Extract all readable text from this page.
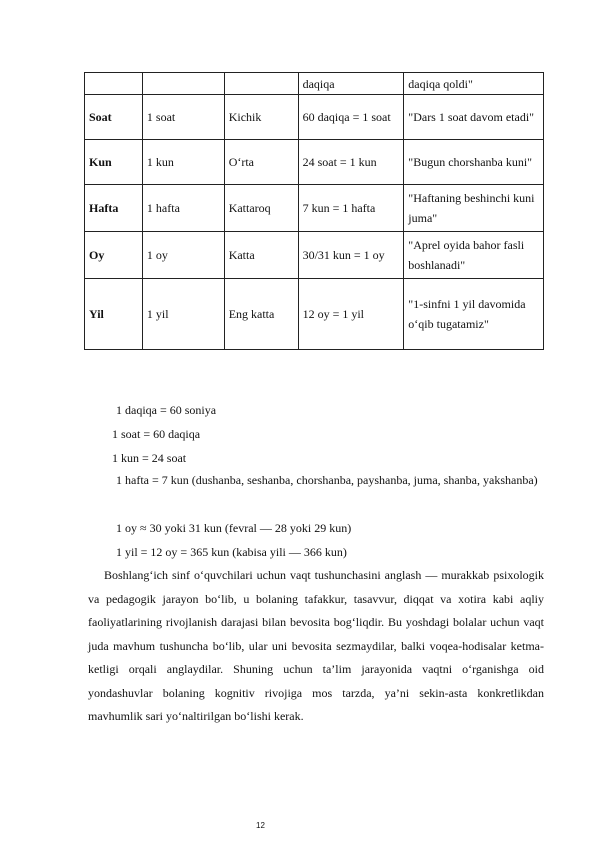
			daqiqa	daqiqa qoldi"
Soat	1 soat	Kichik	60 daqiqa = 1 soat	"Dars 1 soat davom etadi"
Kun	1 kun	O‘rta	24 soat = 1 kun	"Bugun chorshanba kuni"
Hafta	1 hafta	Kattaroq	7 kun = 1 hafta	"Haftaning beshinchi kuni juma"
Oy	1 oy	Katta	30/31 kun = 1 oy	"Aprel oyida bahor fasli boshlanadi"
Yil	1 yil	Eng katta	12 oy = 1 yil	"1-sinfni 1 yil davomida o‘qib tugatamiz"
1 daqiqa = 60 soniya
1 soat = 60 daqiqa
1 kun = 24 soat
1 hafta = 7 kun (dushanba, seshanba, chorshanba, payshanba, juma, shanba, yakshanba)
1 oy ≈ 30 yoki 31 kun (fevral — 28 yoki 29 kun)
1 yil = 12 oy = 365 kun (kabisa yili — 366 kun)
Boshlang‘ich sinf o‘quvchilari uchun vaqt tushunchasini anglash — murakkab psixologik va pedagogik jarayon bo‘lib, u bolaning tafakkur, tasavvur, diqqat va xotira kabi aqliy faoliyatlarining rivojlanish darajasi bilan bevosita bog‘liqdir. Bu yoshdagi bolalar uchun vaqt juda mavhum tushuncha bo‘lib, ular uni bevosita sezmaydilar, balki voqea-hodisalar ketma-ketligi orqali anglaydilar. Shuning uchun ta’lim jarayonida vaqtni o‘rganishga oid yondashuvlar bolaning kognitiv rivojiga mos tarzda, ya’ni sekin-asta konkretlikdan mavhumlik sari yo‘naltirilgan bo‘lishi kerak.
12
